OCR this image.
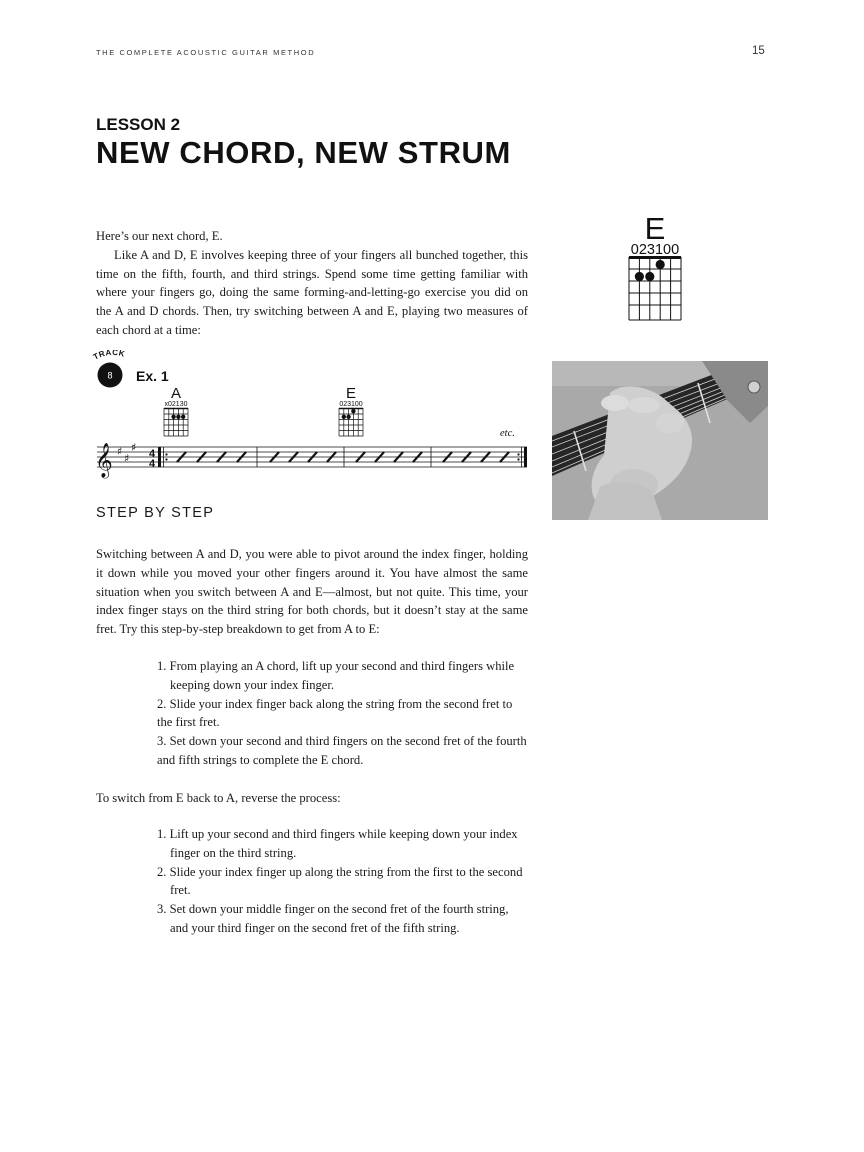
THE COMPLETE ACOUSTIC GUITAR METHOD	15
LESSON 2
NEW CHORD, NEW STRUM

Here’s our next chord, E.

Like A and D, E involves keeping three of your fingers all bunched together, this time on the fifth, fourth, and third strings. Spend some time getting familiar with where your fingers go, doing the same forming-and-letting-go exercise you did on the A and D chords. Then, try switching between A and E, playing two measures of each chord at a time:

E
023100
TRACK
8 Ex. 1
A
x02130
E
023100
etc.
𝄞 ♯
♯
♯ 4
4
STEP BY STEP

Switching between A and D, you were able to pivot around the index finger, holding it down while you moved your other fingers around it. You have almost the same situation when you switch between A and E—almost, but not quite. This time, your index finger stays on the third string for both chords, but it doesn’t stay at the same fret. Try this step-by-step breakdown to get from A to E:

1. From playing an A chord, lift up your second and third fingers while keeping down your index finger.
2. Slide your index finger back along the string from the second fret to the first fret.
3. Set down your second and third fingers on the second fret of the fourth and fifth strings to complete the E chord.

To switch from E back to A, reverse the process:

1. Lift up your second and third fingers while keeping down your index finger on the third string.
2. Slide your index finger up along the string from the first to the second fret.
3. Set down your middle finger on the second fret of the fourth string, and your third finger on the second fret of the fifth string.
